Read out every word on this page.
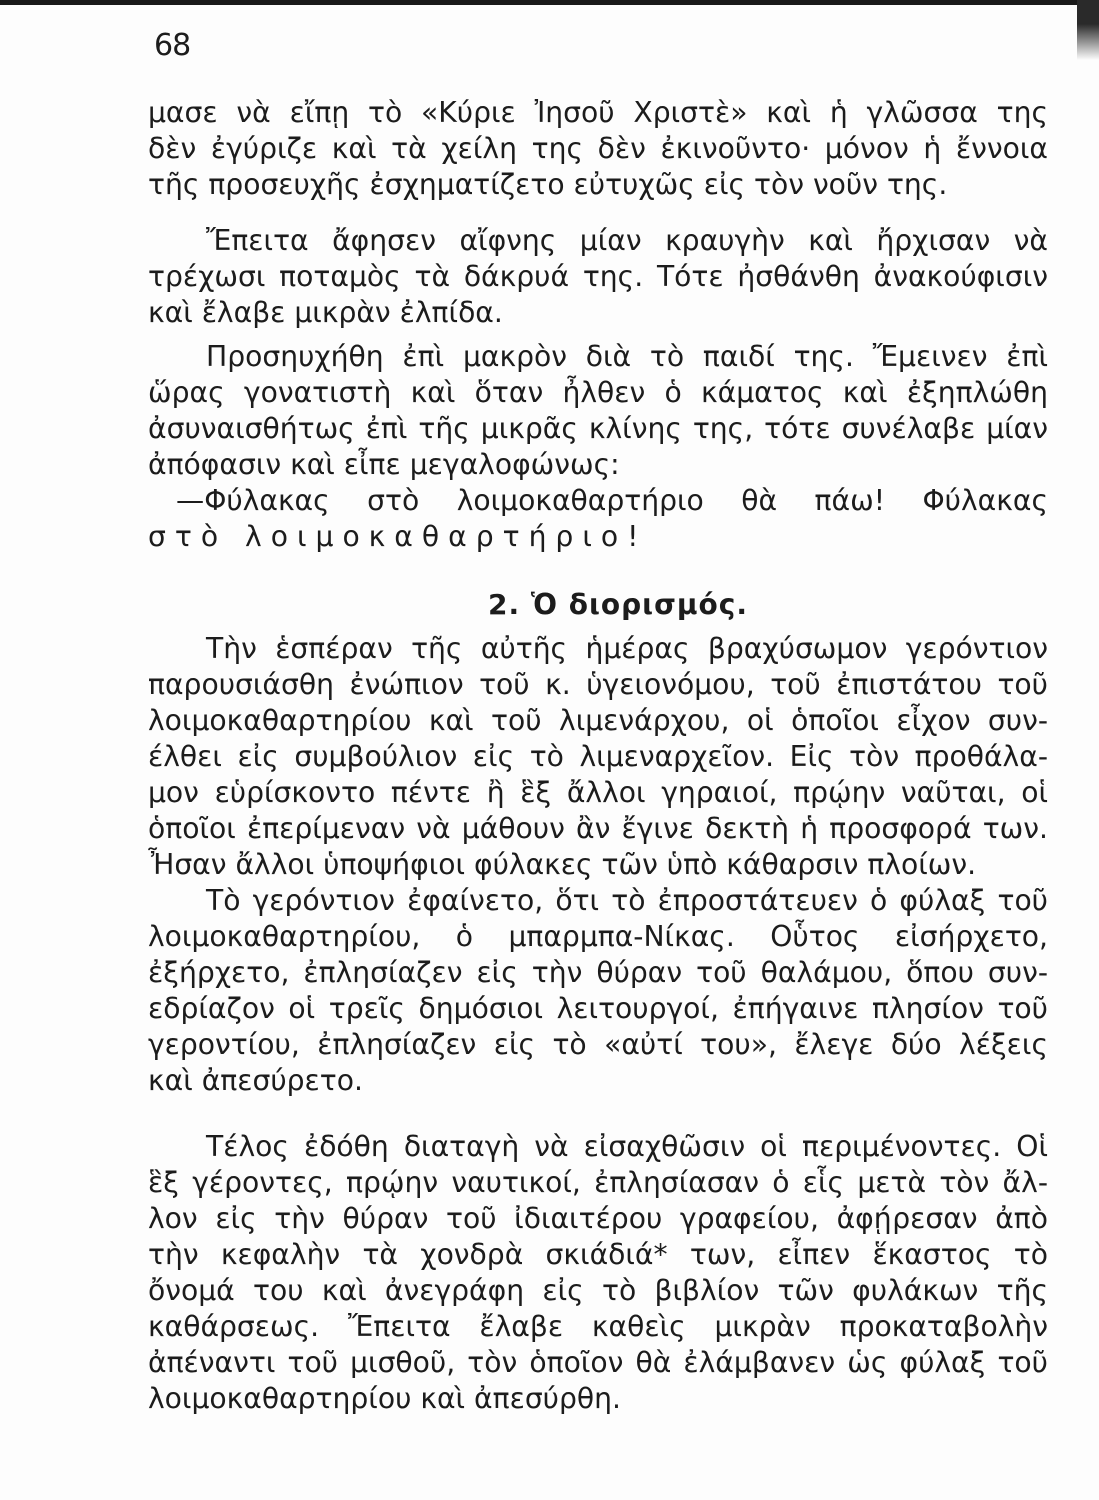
68
μασε νὰ εἴπῃ τὸ «Κύριε Ἰησοῦ Χριστὲ» καὶ ἡ γλῶσσα της
δὲν ἐγύριζε καὶ τὰ χείλη της δὲν ἐκινοῦντο· μόνον ἡ ἔννοια
τῆς προσευχῆς ἐσχηματίζετο εὐτυχῶς εἰς τὸν νοῦν της.
Ἔπειτα ἄφησεν αἴφνης μίαν κραυγὴν καὶ ἤρχισαν νὰ
τρέχωσι ποταμὸς τὰ δάκρυά της. Τότε ἠσθάνθη ἀνακούφισιν
καὶ ἔλαβε μικρὰν ἐλπίδα.
Προσηυχήθη ἐπὶ μακρὸν διὰ τὸ παιδί της. Ἔμεινεν ἐπὶ
ὥρας γονατιστὴ καὶ ὅταν ἦλθεν ὁ κάματος καὶ ἐξηπλώθη
ἀσυναισθήτως ἐπὶ τῆς μικρᾶς κλίνης της, τότε συνέλαβε μίαν
ἀπόφασιν καὶ εἶπε μεγαλοφώνως:
—Φύλακας στὸ λοιμοκαθαρτήριο θὰ πάω! Φύλακας
στὸ λοιμοκαθαρτήριο!
2. Ὁ διορισμός.
Τὴν ἑσπέραν τῆς αὐτῆς ἡμέρας βραχύσωμον γερόντιον
παρουσιάσθη ἐνώπιον τοῦ κ. ὑγειονόμου, τοῦ ἐπιστάτου τοῦ
λοιμοκαθαρτηρίου καὶ τοῦ λιμενάρχου, οἱ ὁποῖοι εἶχον συν-
έλθει εἰς συμβούλιον εἰς τὸ λιμεναρχεῖον. Εἰς τὸν προθάλα-
μον εὑρίσκοντο πέντε ἢ ἓξ ἄλλοι γηραιοί, πρῴην ναῦται, οἱ
ὁποῖοι ἐπερίμεναν νὰ μάθουν ἂν ἔγινε δεκτὴ ἡ προσφορά των.
Ἦσαν ἄλλοι ὑποψήφιοι φύλακες τῶν ὑπὸ κάθαρσιν πλοίων.
Τὸ γερόντιον ἐφαίνετο, ὅτι τὸ ἐπροστάτευεν ὁ φύλαξ τοῦ
λοιμοκαθαρτηρίου, ὁ μπαρμπα-Νίκας. Οὗτος εἰσήρχετο,
ἐξήρχετο, ἐπλησίαζεν εἰς τὴν θύραν τοῦ θαλάμου, ὅπου συν-
εδρίαζον οἱ τρεῖς δημόσιοι λειτουργοί, ἐπήγαινε πλησίον τοῦ
γεροντίου, ἐπλησίαζεν εἰς τὸ «αὐτί του», ἔλεγε δύο λέξεις
καὶ ἀπεσύρετο.
Τέλος ἐδόθη διαταγὴ νὰ εἰσαχθῶσιν οἱ περιμένοντες. Οἱ
ἓξ γέροντες, πρῴην ναυτικοί, ἐπλησίασαν ὁ εἷς μετὰ τὸν ἄλ-
λον εἰς τὴν θύραν τοῦ ἰδιαιτέρου γραφείου, ἀφῄρεσαν ἀπὸ
τὴν κεφαλὴν τὰ χονδρὰ σκιάδιά* των, εἶπεν ἕκαστος τὸ
ὄνομά του καὶ ἀνεγράφη εἰς τὸ βιβλίον τῶν φυλάκων τῆς
καθάρσεως. Ἔπειτα ἔλαβε καθεὶς μικρὰν προκαταβολὴν
ἀπέναντι τοῦ μισθοῦ, τὸν ὁποῖον θὰ ἐλάμβανεν ὡς φύλαξ τοῦ
λοιμοκαθαρτηρίου καὶ ἀπεσύρθη.
